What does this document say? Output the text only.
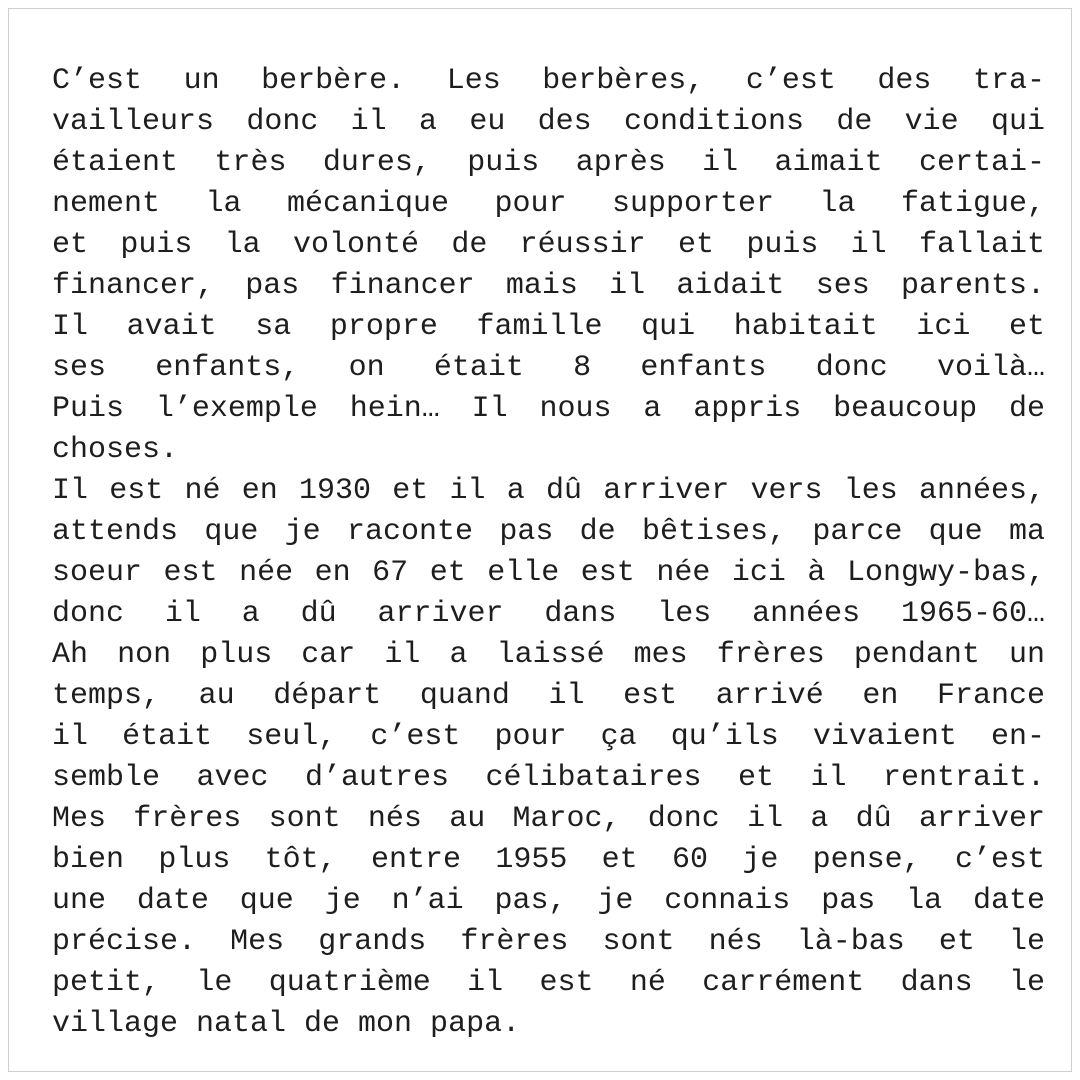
C’est un berbère. Les berbères, c’est des tra-
vailleurs donc il a eu des conditions de vie qui
étaient très dures, puis après il aimait certai-
nement la mécanique pour supporter la fatigue,
et puis la volonté de réussir et puis il fallait
financer, pas financer mais il aidait ses parents.
Il avait sa propre famille qui habitait ici et
ses enfants, on était 8 enfants donc voilà…
Puis l’exemple hein… Il nous a appris beaucoup de
choses.
Il est né en 1930 et il a dû arriver vers les années,
attends que je raconte pas de bêtises, parce que ma
soeur est née en 67 et elle est née ici à Longwy-bas,
donc il a dû arriver dans les années 1965-60…
Ah non plus car il a laissé mes frères pendant un
temps, au départ quand il est arrivé en France
il était seul, c’est pour ça qu’ils vivaient en-
semble avec d’autres célibataires et il rentrait.
Mes frères sont nés au Maroc, donc il a dû arriver
bien plus tôt, entre 1955 et 60 je pense, c’est
une date que je n’ai pas, je connais pas la date
précise. Mes grands frères sont nés là-bas et le
petit, le quatrième il est né carrément dans le
village natal de mon papa.
